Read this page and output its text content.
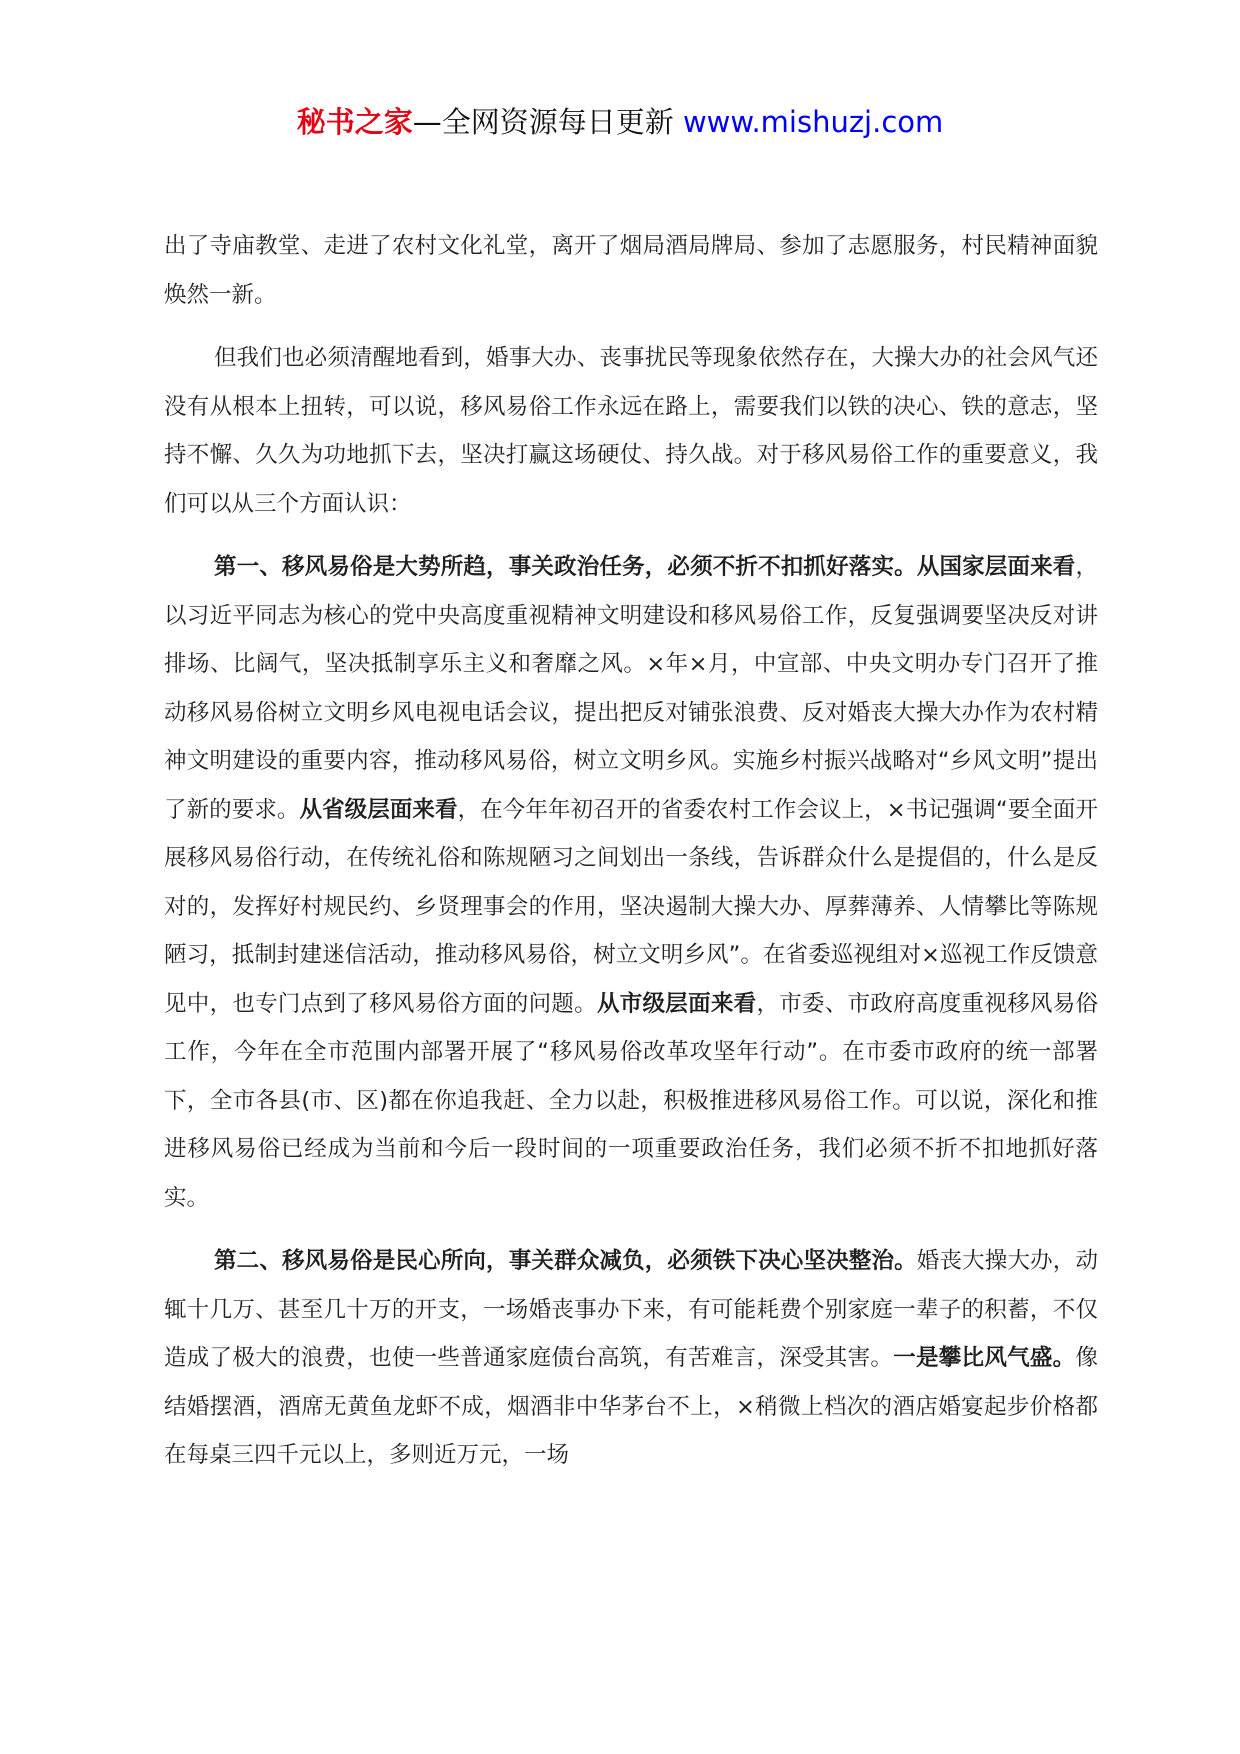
秘书之家—全网资源每日更新 www.mishuzj.com

出了寺庙教堂、走进了农村文化礼堂，离开了烟局酒局牌局、参加了志愿服务，村民精神面貌焕然一新。

但我们也必须清醒地看到，婚事大办、丧事扰民等现象依然存在，大操大办的社会风气还没有从根本上扭转，可以说，移风易俗工作永远在路上，需要我们以铁的决心、铁的意志，坚持不懈、久久为功地抓下去，坚决打赢这场硬仗、持久战。对于移风易俗工作的重要意义，我们可以从三个方面认识：

第一、移风易俗是大势所趋，事关政治任务，必须不折不扣抓好落实。从国家层面来看，以习近平同志为核心的党中央高度重视精神文明建设和移风易俗工作，反复强调要坚决反对讲排场、比阔气，坚决抵制享乐主义和奢靡之风。×年×月，中宣部、中央文明办专门召开了推动移风易俗树立文明乡风电视电话会议，提出把反对铺张浪费、反对婚丧大操大办作为农村精神文明建设的重要内容，推动移风易俗，树立文明乡风。实施乡村振兴战略对“乡风文明”提出了新的要求。从省级层面来看，在今年年初召开的省委农村工作会议上，×书记强调“要全面开展移风易俗行动，在传统礼俗和陈规陋习之间划出一条线，告诉群众什么是提倡的，什么是反对的，发挥好村规民约、乡贤理事会的作用，坚决遏制大操大办、厚葬薄养、人情攀比等陈规陋习，抵制封建迷信活动，推动移风易俗，树立文明乡风”。在省委巡视组对×巡视工作反馈意见中，也专门点到了移风易俗方面的问题。从市级层面来看，市委、市政府高度重视移风易俗工作，今年在全市范围内部署开展了“移风易俗改革攻坚年行动”。在市委市政府的统一部署下，全市各县(市、区)都在你追我赶、全力以赴，积极推进移风易俗工作。可以说，深化和推进移风易俗已经成为当前和今后一段时间的一项重要政治任务，我们必须不折不扣地抓好落实。

第二、移风易俗是民心所向，事关群众减负，必须铁下决心坚决整治。婚丧大操大办，动辄十几万、甚至几十万的开支，一场婚丧事办下来，有可能耗费个别家庭一辈子的积蓄，不仅造成了极大的浪费，也使一些普通家庭债台高筑，有苦难言，深受其害。一是攀比风气盛。像结婚摆酒，酒席无黄鱼龙虾不成，烟酒非中华茅台不上，×稍微上档次的酒店婚宴起步价格都在每桌三四千元以上，多则近万元，一场
